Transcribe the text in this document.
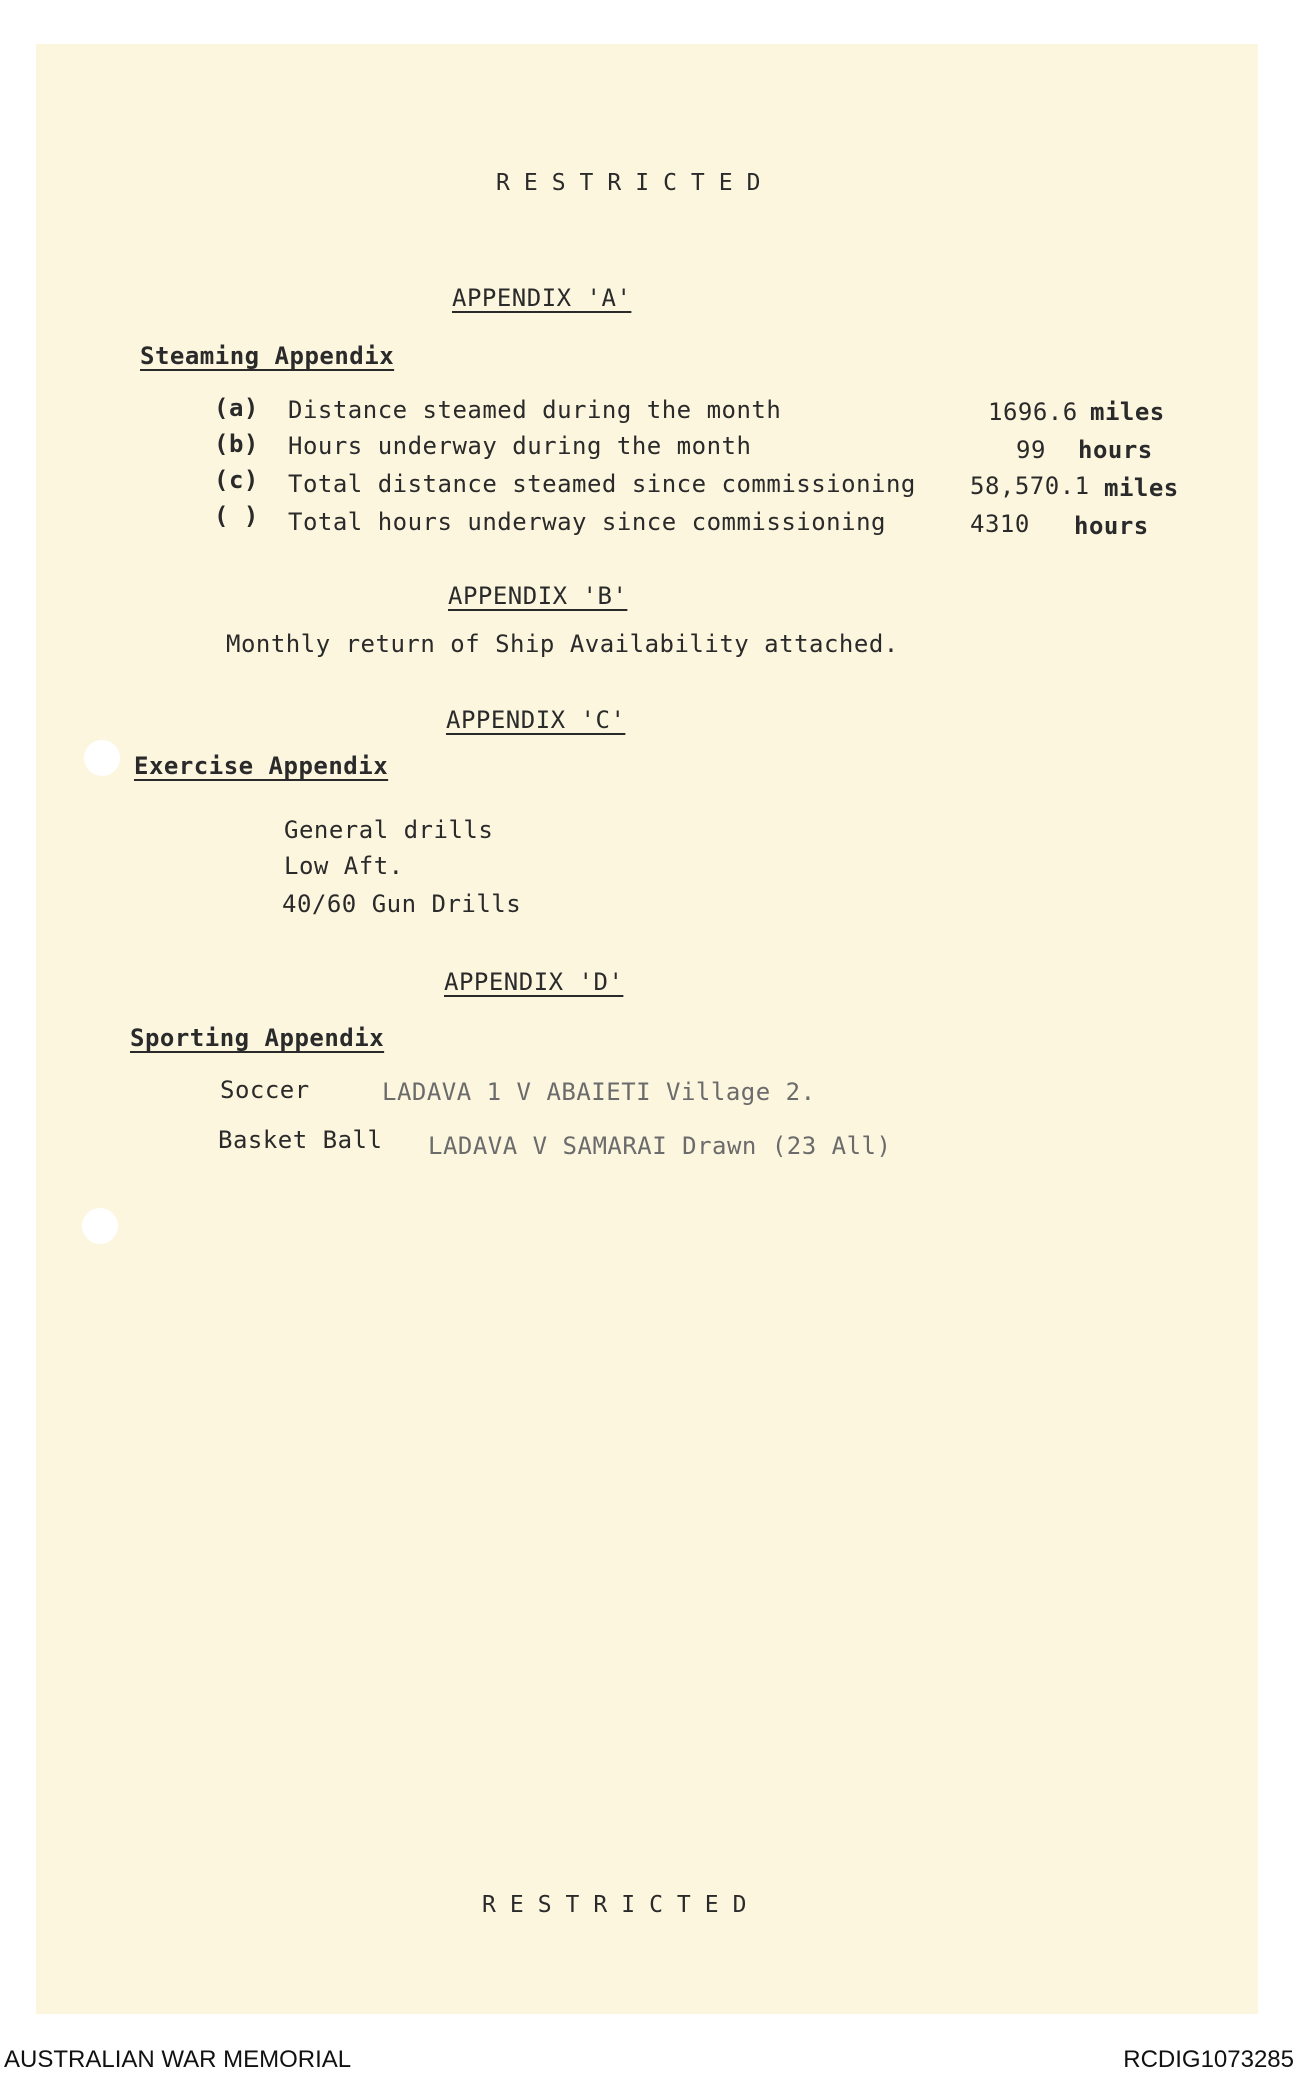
RESTRICTED
APPENDIX 'A'
Steaming Appendix
(a) Distance steamed during the month	1696.6 miles
(b) Hours underway during the month	99 hours
(c) Total distance steamed since commissioning 58,570.1 miles
( ) Total hours underway since commissioning	4310 hours
APPENDIX 'B'
Monthly return of Ship Availability attached.
APPENDIX 'C'
Exercise Appendix
General drills
Low Aft.
40/60 Gun Drills
APPENDIX 'D'
Sporting Appendix
Soccer	LADAVA 1 V ABAIETI Village 2.
Basket Ball LADAVA V SAMARAI Drawn (23 All)
RESTRICTED
AUSTRALIAN WAR MEMORIAL	RCDIG1073285
